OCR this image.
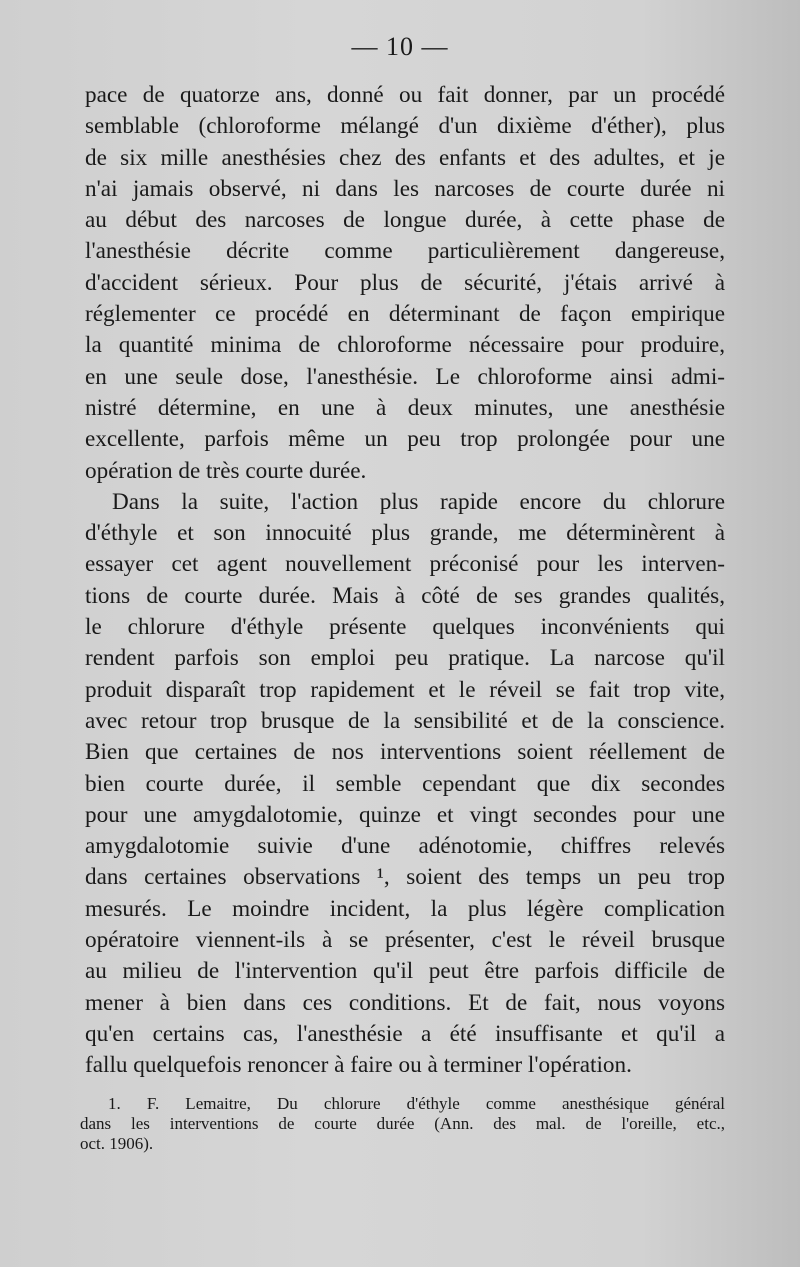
— 10 —
pace de quatorze ans, donné ou fait donner, par un procédé
semblable (chloroforme mélangé d'un dixième d'éther), plus
de six mille anesthésies chez des enfants et des adultes, et je
n'ai jamais observé, ni dans les narcoses de courte durée ni
au début des narcoses de longue durée, à cette phase de
l'anesthésie décrite comme particulièrement dangereuse,
d'accident sérieux. Pour plus de sécurité, j'étais arrivé à
réglementer ce procédé en déterminant de façon empirique
la quantité minima de chloroforme nécessaire pour produire,
en une seule dose, l'anesthésie. Le chloroforme ainsi admi-
nistré détermine, en une à deux minutes, une anesthésie
excellente, parfois même un peu trop prolongée pour une
opération de très courte durée.
Dans la suite, l'action plus rapide encore du chlorure
d'éthyle et son innocuité plus grande, me déterminèrent à
essayer cet agent nouvellement préconisé pour les interven-
tions de courte durée. Mais à côté de ses grandes qualités,
le chlorure d'éthyle présente quelques inconvénients qui
rendent parfois son emploi peu pratique. La narcose qu'il
produit disparaît trop rapidement et le réveil se fait trop vite,
avec retour trop brusque de la sensibilité et de la conscience.
Bien que certaines de nos interventions soient réellement de
bien courte durée, il semble cependant que dix secondes
pour une amygdalotomie, quinze et vingt secondes pour une
amygdalotomie suivie d'une adénotomie, chiffres relevés
dans certaines observations ¹, soient des temps un peu trop
mesurés. Le moindre incident, la plus légère complication
opératoire viennent-ils à se présenter, c'est le réveil brusque
au milieu de l'intervention qu'il peut être parfois difficile de
mener à bien dans ces conditions. Et de fait, nous voyons
qu'en certains cas, l'anesthésie a été insuffisante et qu'il a
fallu quelquefois renoncer à faire ou à terminer l'opération.
1. F. Lemaitre, Du chlorure d'éthyle comme anesthésique général
dans les interventions de courte durée (Ann. des mal. de l'oreille, etc.,
oct. 1906).
